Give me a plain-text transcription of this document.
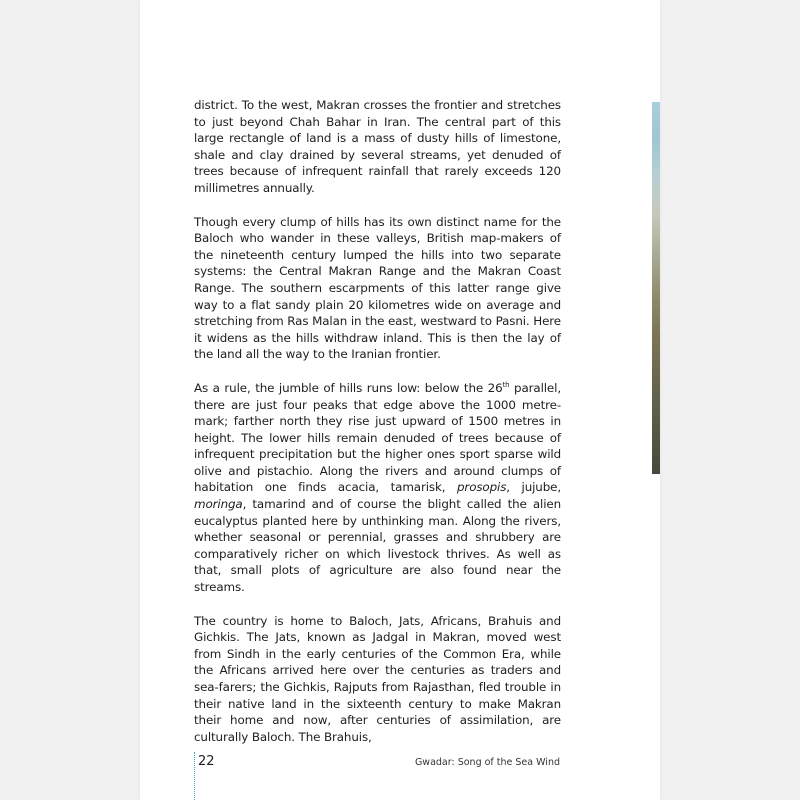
district. To the west, Makran crosses the frontier and stretches to just beyond Chah Bahar in Iran. The central part of this large rectangle of land is a mass of dusty hills of limestone, shale and clay drained by several streams, yet denuded of trees because of infrequent rainfall that rarely exceeds 120 millimetres annually.

Though every clump of hills has its own distinct name for the Baloch who wander in these valleys, British map-makers of the nineteenth century lumped the hills into two separate systems: the Central Makran Range and the Makran Coast Range. The southern escarpments of this latter range give way to a flat sandy plain 20 kilometres wide on average and stretching from Ras Malan in the east, westward to Pasni. Here it widens as the hills withdraw inland. This is then the lay of the land all the way to the Iranian frontier.

As a rule, the jumble of hills runs low: below the 26th parallel, there are just four peaks that edge above the 1000 metre-mark; farther north they rise just upward of 1500 metres in height. The lower hills remain denuded of trees because of infrequent precipitation but the higher ones sport sparse wild olive and pistachio. Along the rivers and around clumps of habitation one finds acacia, tamarisk, prosopis, jujube, moringa, tamarind and of course the blight called the alien eucalyptus planted here by unthinking man. Along the rivers, whether seasonal or perennial, grasses and shrubbery are comparatively richer on which livestock thrives. As well as that, small plots of agriculture are also found near the streams.

The country is home to Baloch, Jats, Africans, Brahuis and Gichkis. The Jats, known as Jadgal in Makran, moved west from Sindh in the early centuries of the Common Era, while the Africans arrived here over the centuries as traders and sea-farers; the Gichkis, Rajputs from Rajasthan, fled trouble in their native land in the sixteenth century to make Makran their home and now, after centuries of assimilation, are culturally Baloch. The Brahuis,

22	Gwadar: Song of the Sea Wind
